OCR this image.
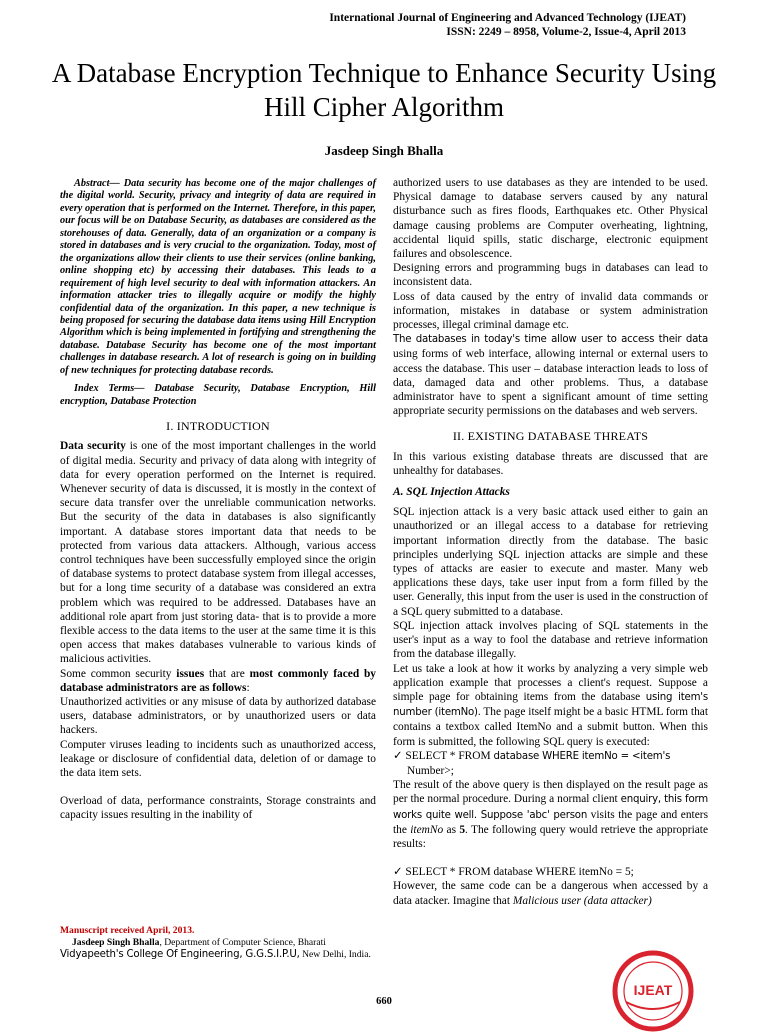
International Journal of Engineering and Advanced Technology (IJEAT)
ISSN: 2249 – 8958, Volume-2, Issue-4, April 2013
A Database Encryption Technique to Enhance Security Using Hill Cipher Algorithm
Jasdeep Singh Bhalla

Abstract— Data security has become one of the major challenges of the digital world. Security, privacy and integrity of data are required in every operation that is performed on the Internet. Therefore, in this paper, our focus will be on Database Security, as databases are considered as the storehouses of data. Generally, data of an organization or a company is stored in databases and is very crucial to the organization. Today, most of the organizations allow their clients to use their services (online banking, online shopping etc) by accessing their databases. This leads to a requirement of high level security to deal with information attackers. An information attacker tries to illegally acquire or modify the highly confidential data of the organization. In this paper, a new technique is being proposed for securing the database data items using Hill Encryption Algorithm which is being implemented in fortifying and strengthening the database. Database Security has become one of the most important challenges in database research. A lot of research is going on in building of new techniques for protecting database records.

Index Terms— Database Security, Database Encryption, Hill encryption, Database Protection

I. INTRODUCTION

Data security is one of the most important challenges in the world of digital media. Security and privacy of data along with integrity of data for every operation performed on the Internet is required. Whenever security of data is discussed, it is mostly in the context of secure data transfer over the unreliable communication networks. But the security of the data in databases is also significantly important. A database stores important data that needs to be protected from various data attackers. Although, various access control techniques have been successfully employed since the origin of database systems to protect database system from illegal accesses, but for a long time security of a database was considered an extra problem which was required to be addressed. Databases have an additional role apart from just storing data- that is to provide a more flexible access to the data items to the user at the same time it is this open access that makes databases vulnerable to various kinds of malicious activities.

Some common security issues that are most commonly faced by database administrators are as follows:

Unauthorized activities or any misuse of data by authorized database users, database administrators, or by unauthorized users or data hackers.

Computer viruses leading to incidents such as unauthorized access, leakage or disclosure of confidential data, deletion of or damage to the data item sets.

Overload of data, performance constraints, Storage constraints and capacity issues resulting in the inability of

Manuscript received April, 2013.
Jasdeep Singh Bhalla, Department of Computer Science, Bharati Vidyapeeth's College Of Engineering, G.G.S.I.P.U, New Delhi, India.

authorized users to use databases as they are intended to be used. Physical damage to database servers caused by any natural disturbance such as fires floods, Earthquakes etc. Other Physical damage causing problems are Computer overheating, lightning, accidental liquid spills, static discharge, electronic equipment failures and obsolescence.

Designing errors and programming bugs in databases can lead to inconsistent data.

Loss of data caused by the entry of invalid data commands or information, mistakes in database or system administration processes, illegal criminal damage etc.

The databases in today's time allow user to access their data using forms of web interface, allowing internal or external users to access the database. This user – database interaction leads to loss of data, damaged data and other problems. Thus, a database administrator have to spent a significant amount of time setting appropriate security permissions on the databases and web servers.

II. EXISTING DATABASE THREATS

In this various existing database threats are discussed that are unhealthy for databases.

A. SQL Injection Attacks

SQL injection attack is a very basic attack used either to gain an unauthorized or an illegal access to a database for retrieving important information directly from the database. The basic principles underlying SQL injection attacks are simple and these types of attacks are easier to execute and master. Many web applications these days, take user input from a form filled by the user. Generally, this input from the user is used in the construction of a SQL query submitted to a database.

SQL injection attack involves placing of SQL statements in the user's input as a way to fool the database and retrieve information from the database illegally.

Let us take a look at how it works by analyzing a very simple web application example that processes a client's request. Suppose a simple page for obtaining items from the database using item's number (itemNo). The page itself might be a basic HTML form that contains a textbox called ItemNo and a submit button. When this form is submitted, the following SQL query is executed:

✓ SELECT * FROM database WHERE itemNo = <item's
Number>;

The result of the above query is then displayed on the result page as per the normal procedure. During a normal client enquiry, this form works quite well. Suppose 'abc' person visits the page and enters the itemNo as 5. The following query would retrieve the appropriate results:

✓ SELECT * FROM database WHERE itemNo = 5;

However, the same code can be a dangerous when accessed by a data atacker. Imagine that Malicious user (data attacker)

660
IJEAT
